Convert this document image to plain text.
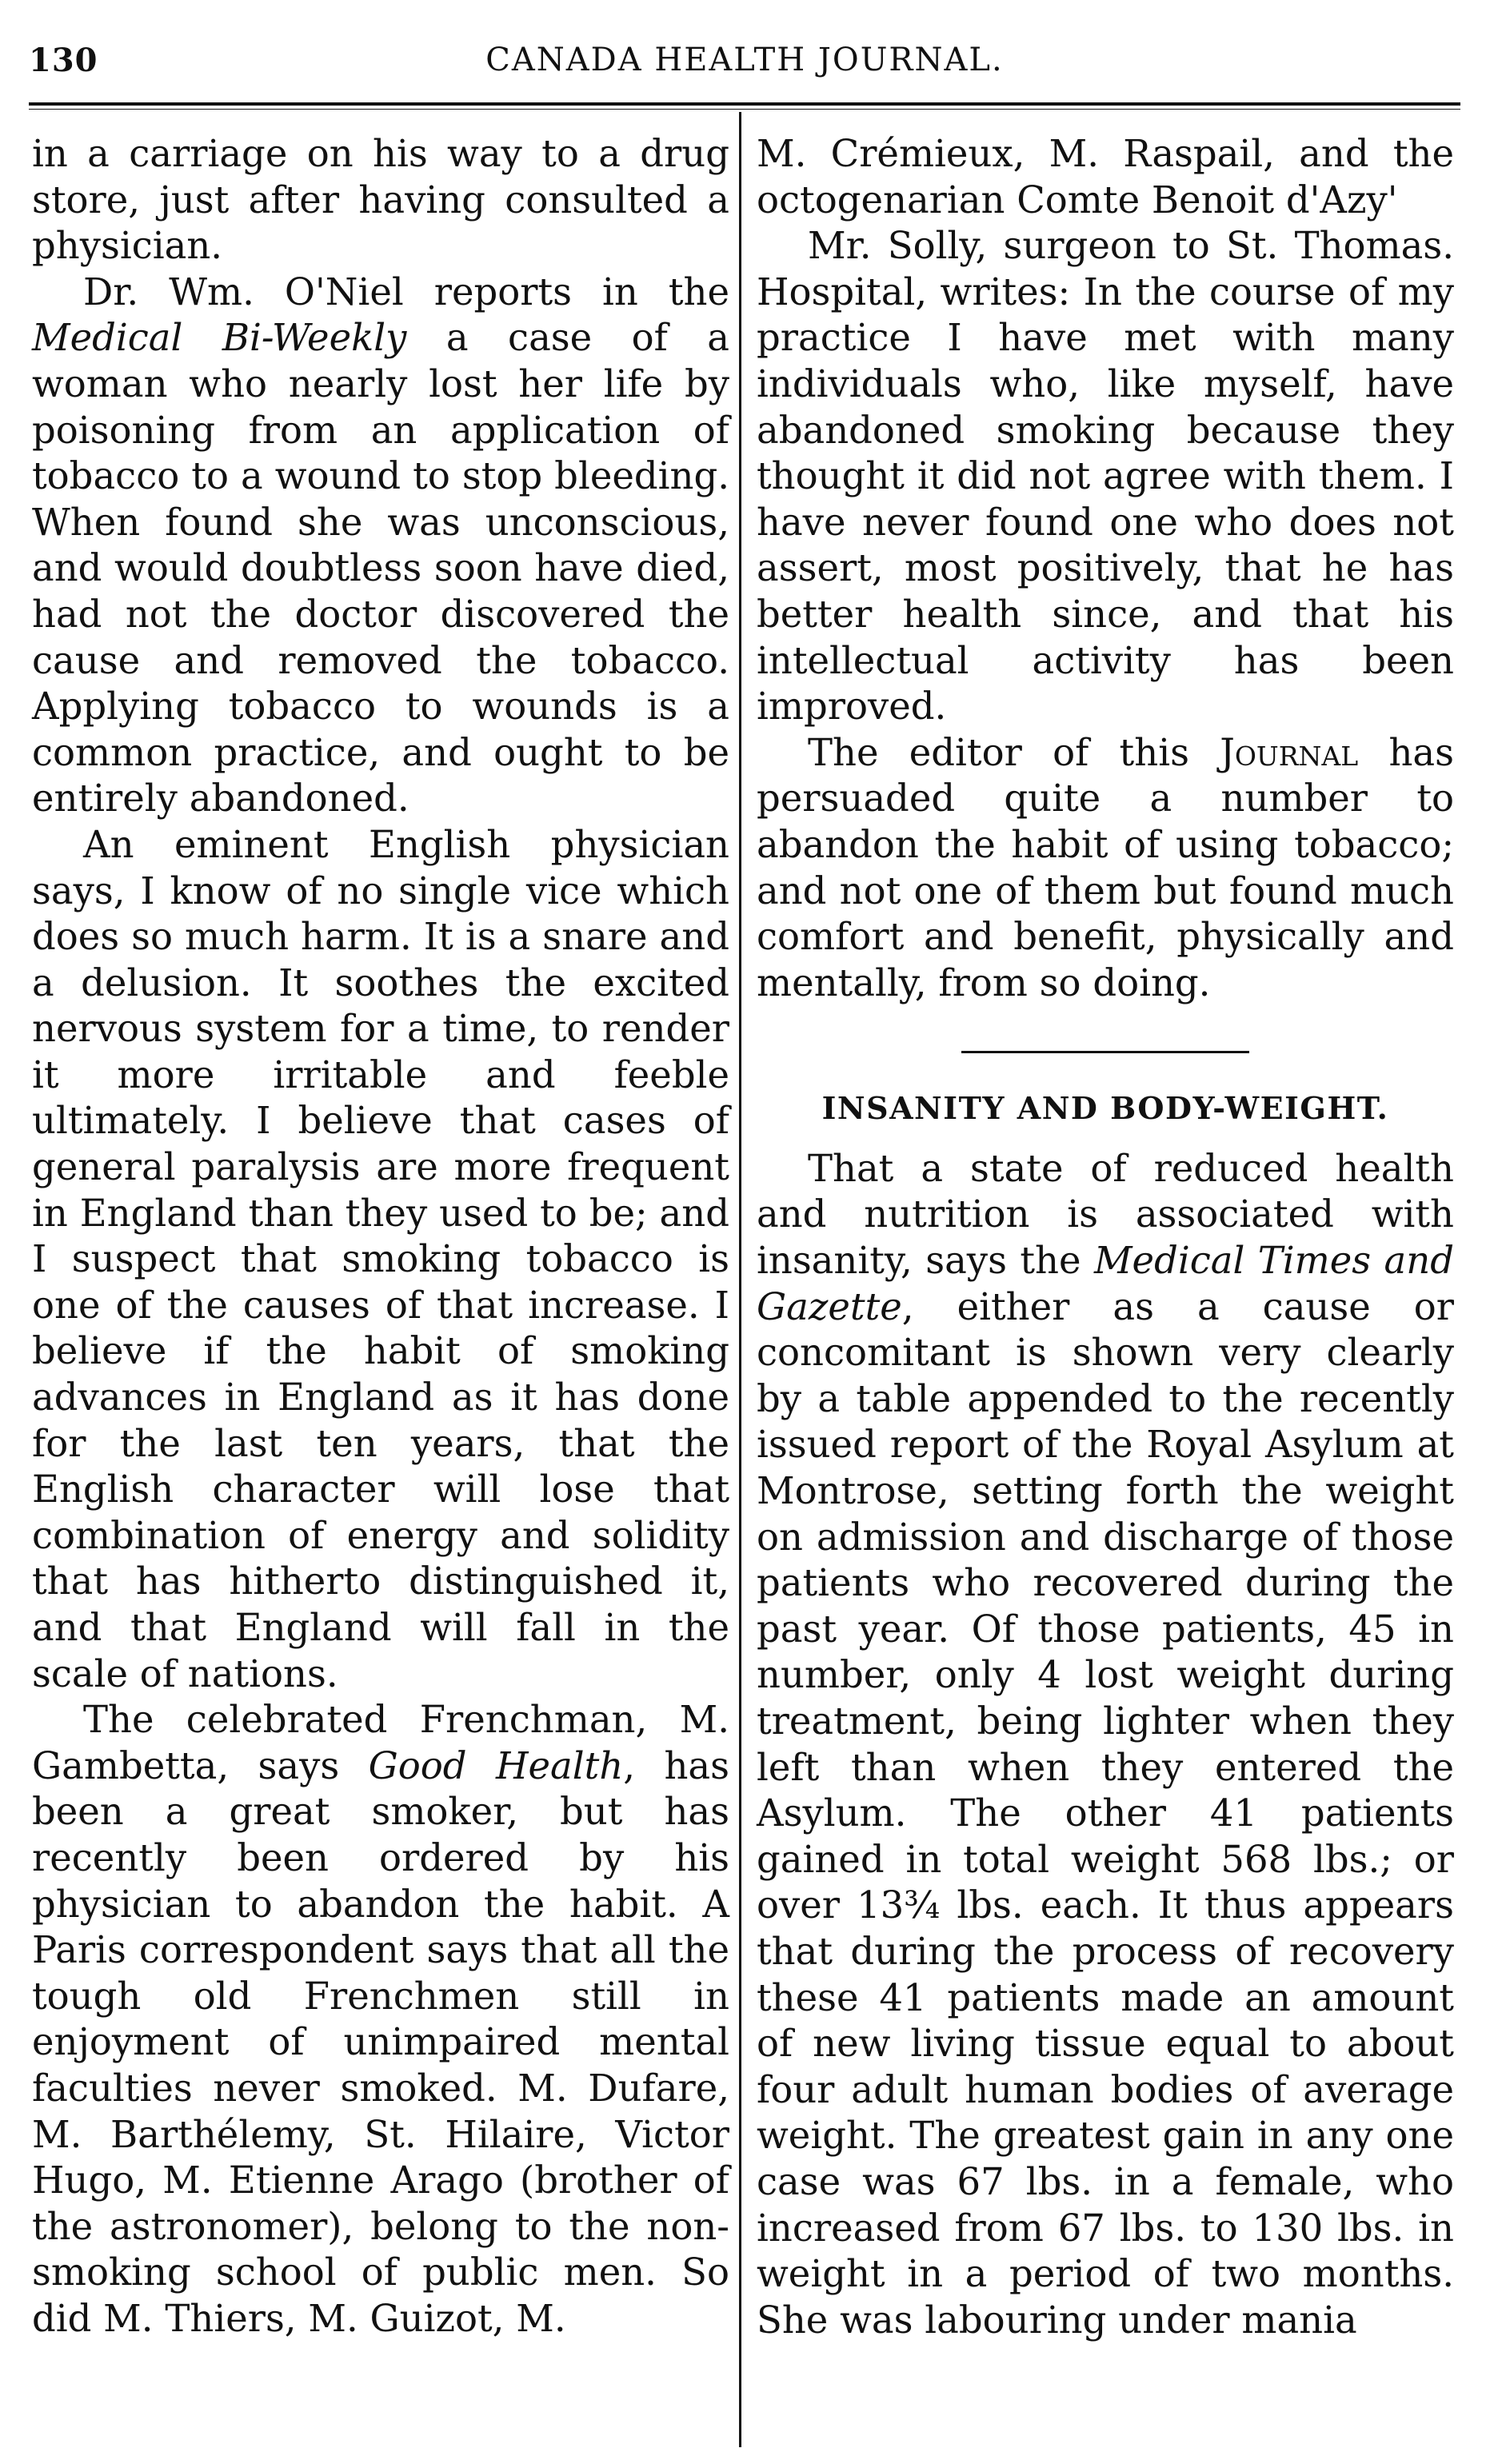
CANADA HEALTH JOURNAL.
130

in a carriage on his way to a drug store, just after having consulted a physician.

Dr. Wm. O'Niel reports in the Medical Bi-Weekly a case of a woman who nearly lost her life by poisoning from an application of tobacco to a wound to stop bleeding. When found she was unconscious, and would doubtless soon have died, had not the doctor discovered the cause and removed the tobacco. Applying tobacco to wounds is a common practice, and ought to be entirely abandoned.

An eminent English physician says, I know of no single vice which does so much harm. It is a snare and a delusion. It soothes the excited nervous system for a time, to render it more irritable and feeble ultimately. I believe that cases of general paralysis are more frequent in England than they used to be; and I suspect that smoking tobacco is one of the causes of that increase. I believe if the habit of smoking advances in England as it has done for the last ten years, that the English character will lose that combination of energy and solidity that has hitherto distinguished it, and that England will fall in the scale of nations.

The celebrated Frenchman, M. Gambetta, says Good Health, has been a great smoker, but has recently been ordered by his physician to abandon the habit. A Paris correspondent says that all the tough old Frenchmen still in enjoyment of unimpaired mental faculties never smoked. M. Dufare, M. Barthélemy, St. Hilaire, Victor Hugo, M. Etienne Arago (brother of the astronomer), belong to the non-smoking school of public men. So did M. Thiers, M. Guizot, M.

M. Crémieux, M. Raspail, and the octogenarian Comte Benoit d'Azy'

Mr. Solly, surgeon to St. Thomas. Hospital, writes: In the course of my practice I have met with many individuals who, like myself, have abandoned smoking because they thought it did not agree with them. I have never found one who does not assert, most positively, that he has better health since, and that his intellectual activity has been improved.

The editor of this Journal has persuaded quite a number to abandon the habit of using tobacco; and not one of them but found much comfort and benefit, physically and mentally, from so doing.

INSANITY AND BODY-WEIGHT.

That a state of reduced health and nutrition is associated with insanity, says the Medical Times and Gazette, either as a cause or concomitant is shown very clearly by a table appended to the recently issued report of the Royal Asylum at Montrose, setting forth the weight on admission and discharge of those patients who recovered during the past year. Of those patients, 45 in number, only 4 lost weight during treatment, being lighter when they left than when they entered the Asylum. The other 41 patients gained in total weight 568 lbs.; or over 13¾ lbs. each. It thus appears that during the process of recovery these 41 patients made an amount of new living tissue equal to about four adult human bodies of average weight. The greatest gain in any one case was 67 lbs. in a female, who increased from 67 lbs. to 130 lbs. in weight in a period of two months. She was labouring under mania
